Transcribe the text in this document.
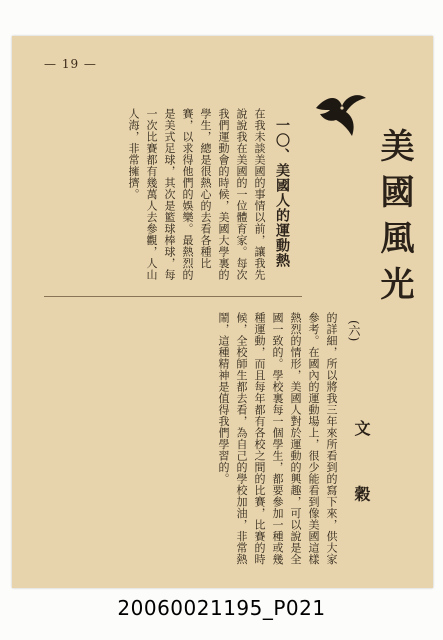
— 19 —
美國風光
(六)
文 穀
一〇、美國人的運動熱
在我未談美國的事情以前，讓我先說說我在美國的一位體育家。每次我們運動會的時候，美國大學裏的學生，總是很熱心的去看各種比賽，以求得他們的娛樂。最熱烈的是美式足球，其次是籃球棒球，每一次比賽都有幾萬人去參觀，人山人海，非常擁擠。
的詳細，所以將我三年來所看到的寫下來，供大家參考。在國內的運動場上，很少能看到像美國這樣熱烈的情形，美國人對於運動的興趣，可以說是全國一致的。學校裏每一個學生，都要參加一種或幾種運動，而且每年都有各校之間的比賽，比賽的時候，全校師生都去看，為自己的學校加油，非常熱鬧，這種精神是值得我們學習的。
20060021195_P021
